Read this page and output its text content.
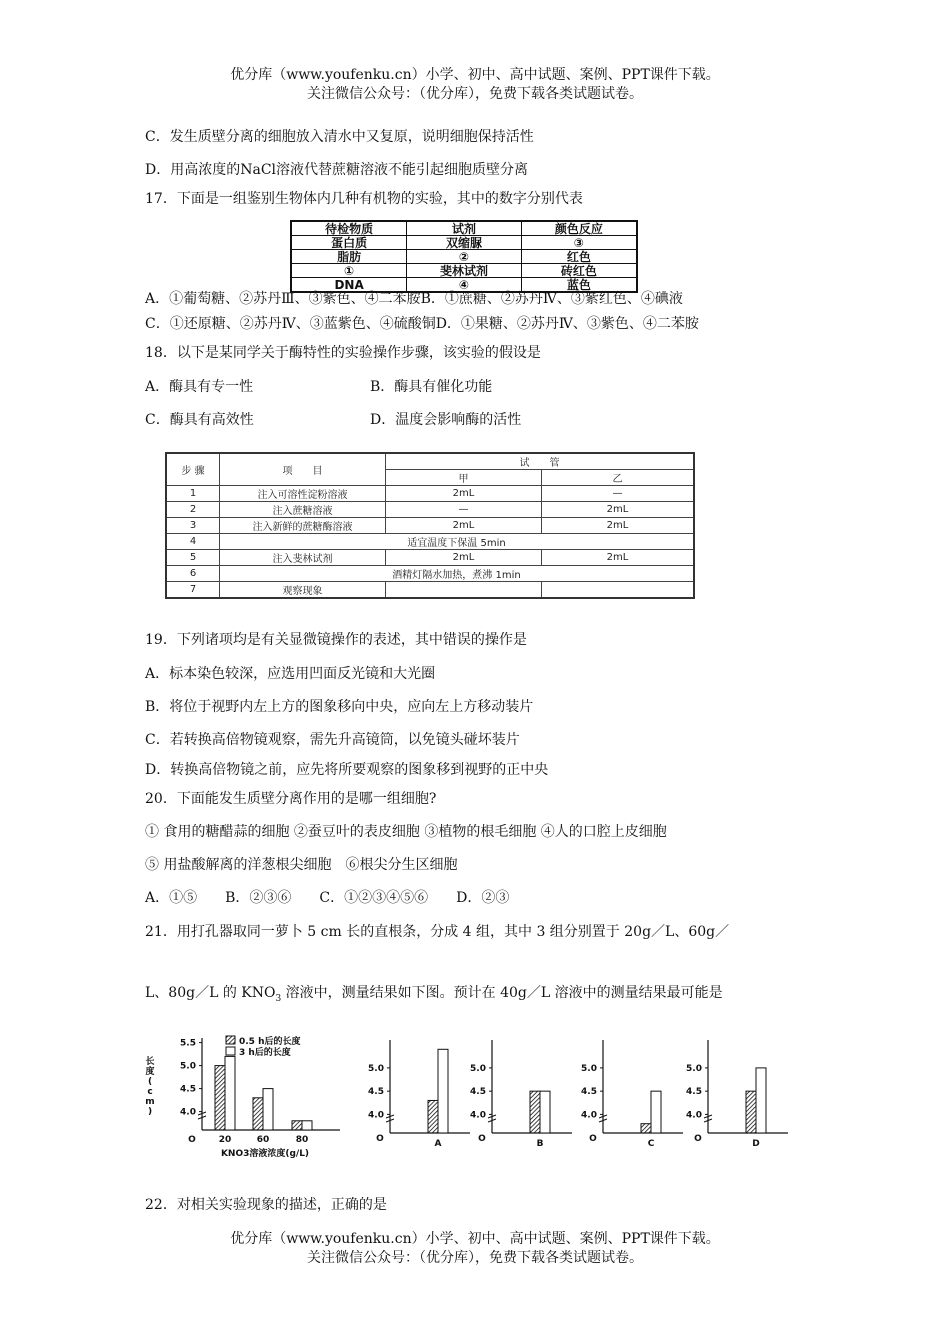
优分库（www.youfenku.cn）小学、初中、高中试题、案例、PPT课件下载。
关注微信公众号：（优分库），免费下载各类试题试卷。
C．发生质壁分离的细胞放入清水中又复原，说明细胞保持活性
D．用高浓度的NaCl溶液代替蔗糖溶液不能引起细胞质壁分离
17．下面是一组鉴别生物体内几种有机物的实验，其中的数字分别代表
待检物质	试剂	颜色反应
蛋白质	双缩脲	③
脂肪	②	红色
①	斐林试剂	砖红色
DNA	④	蓝色
A．①葡萄糖、②苏丹Ⅲ、③紫色、④二苯胺B．①蔗糖、②苏丹Ⅳ、③紫红色、④碘液
C．①还原糖、②苏丹Ⅳ、③蓝紫色、④硫酸铜D．①果糖、②苏丹Ⅳ、③紫色、④二苯胺
18．以下是某同学关于酶特性的实验操作步骤，该实验的假设是
A．酶具有专一性	B．酶具有催化功能
C．酶具有高效性	D．温度会影响酶的活性
步 骤	项　　目	试　　管	
		甲	乙
1	注入可溶性淀粉溶液	2mL	—
2	注入蔗糖溶液	—	2mL
3	注入新鲜的蔗糖酶溶液	2mL	2mL
4	适宜温度下保温 5min		
5	注入斐林试剂	2mL	2mL
6	酒精灯隔水加热，煮沸 1min		
7	观察现象		
19．下列诸项均是有关显微镜操作的表述，其中错误的操作是
A．标本染色较深，应选用凹面反光镜和大光圈
B．将位于视野内左上方的图象移向中央，应向左上方移动装片
C．若转换高倍物镜观察，需先升高镜筒，以免镜头碰坏装片
D．转换高倍物镜之前，应先将所要观察的图象移到视野的正中央
20．下面能发生质壁分离作用的是哪一组细胞?
① 食用的糖醋蒜的细胞 ②蚕豆叶的表皮细胞 ③植物的根毛细胞 ④人的口腔上皮细胞
⑤ 用盐酸解离的洋葱根尖细胞　⑥根尖分生区细胞
A．①⑤　　B．②③⑥　　C．①②③④⑤⑥　　D．②③
21．用打孔器取同一萝卜 5 cm 长的直根条，分成 4 组，其中 3 组分别置于 20g／L、60g／
L、80g／L 的 $KNO_3$ 溶液中，测量结果如下图。预计在 40g／L 溶液中的测量结果最可能是
4.0
4.5
5.0
5.5
O
长
度
(
c
m
)
0.5 h后的长度
3 h后的长度
20	60	80
KNO3溶液浓度(g/L)
4.0
4.5
5.0
O	A
4.0
4.5
5.0
O	B
4.0
4.5
5.0
O	C
4.0
4.5
5.0
O	D
22．对相关实验现象的描述，正确的是
优分库（www.youfenku.cn）小学、初中、高中试题、案例、PPT课件下载。
关注微信公众号：（优分库），免费下载各类试题试卷。
